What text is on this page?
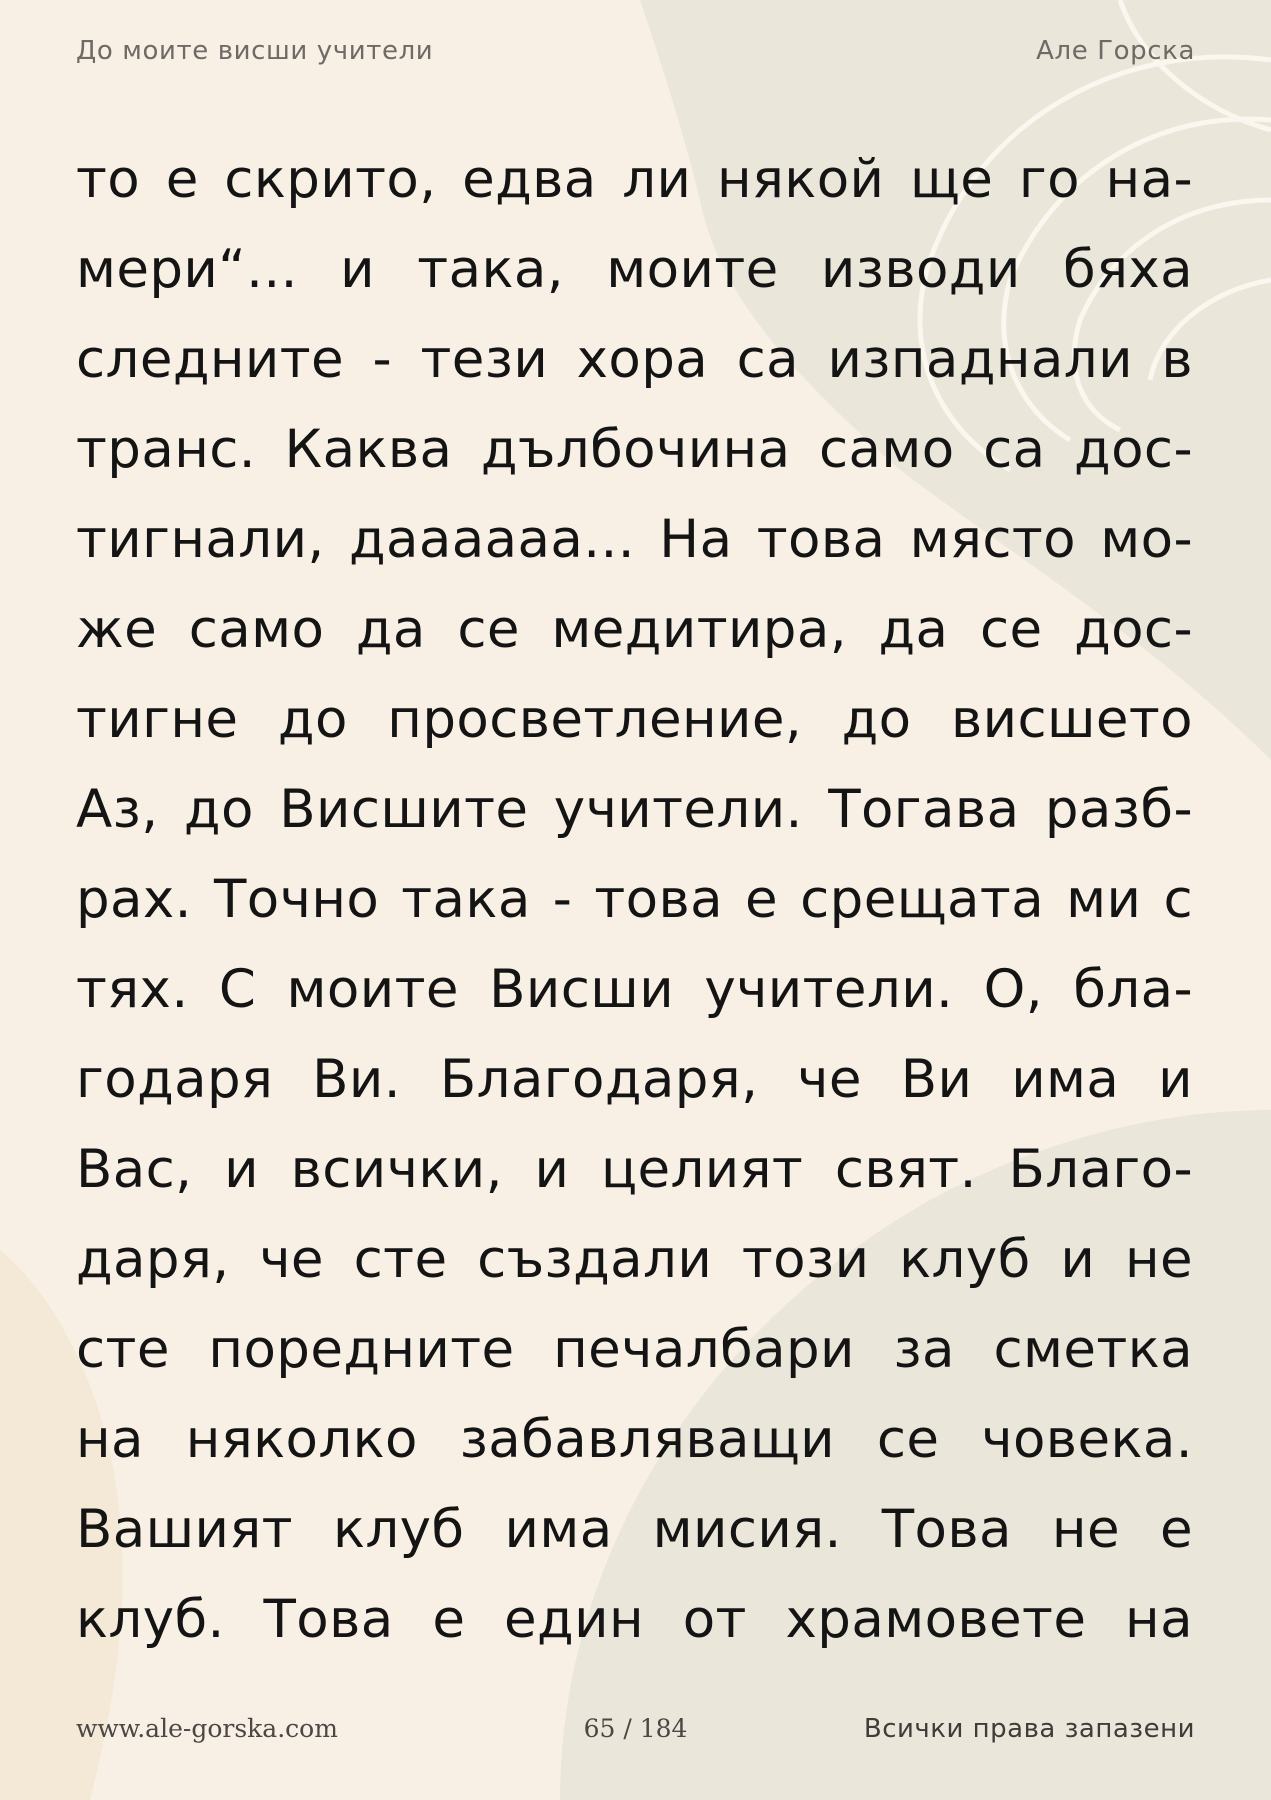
До моите висши учители	Але Горска
то е скрито, едва ли някой ще го на-
мери“... и така, моите изводи бяха
следните - тези хора са изпаднали в
транс. Каква дълбочина само са дос-
тигнали, даааааа... На това място мо-
же само да се медитира, да се дос-
тигне до просветление, до висшето
Аз, до Висшите учители. Тогава разб-
рах. Точно така - това е срещата ми с
тях. С моите Висши учители. О, бла-
годаря Ви. Благодаря, че Ви има и
Вас, и всички, и целият свят. Благо-
даря, че сте създали този клуб и не
сте поредните печалбари за сметка
на няколко забавляващи се човека.
Вашият клуб има мисия. Това не е
клуб. Това е един от храмовете на
www.ale-gorska.com	65 / 184	Всички права запазени
